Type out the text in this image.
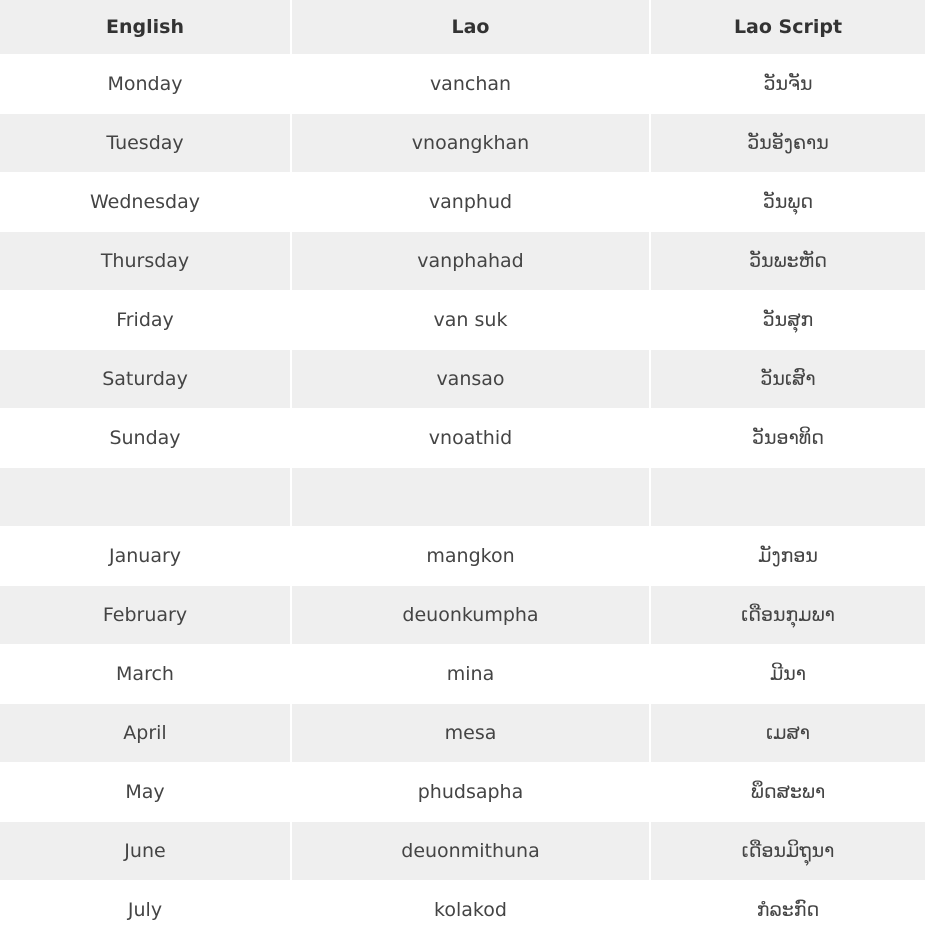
English	Lao	Lao Script
Monday	vanchan	ວັນຈັນ
Tuesday	vnoangkhan	ວັນອັງຄານ
Wednesday	vanphud	ວັນພຸດ
Thursday	vanphahad	ວັນພະຫັດ
Friday	van suk	ວັນສຸກ
Saturday	vansao	ວັນເສົາ
Sunday	vnoathid	ວັນອາທິດ

January	mangkon	ມັງກອນ
February	deuonkumpha	ເດືອນກຸມພາ
March	mina	ມີນາ
April	mesa	ເມສາ
May	phudsapha	ພຶດສະພາ
June	deuonmithuna	ເດືອນມິຖຸນາ
July	kolakod	ກໍລະກົດ
